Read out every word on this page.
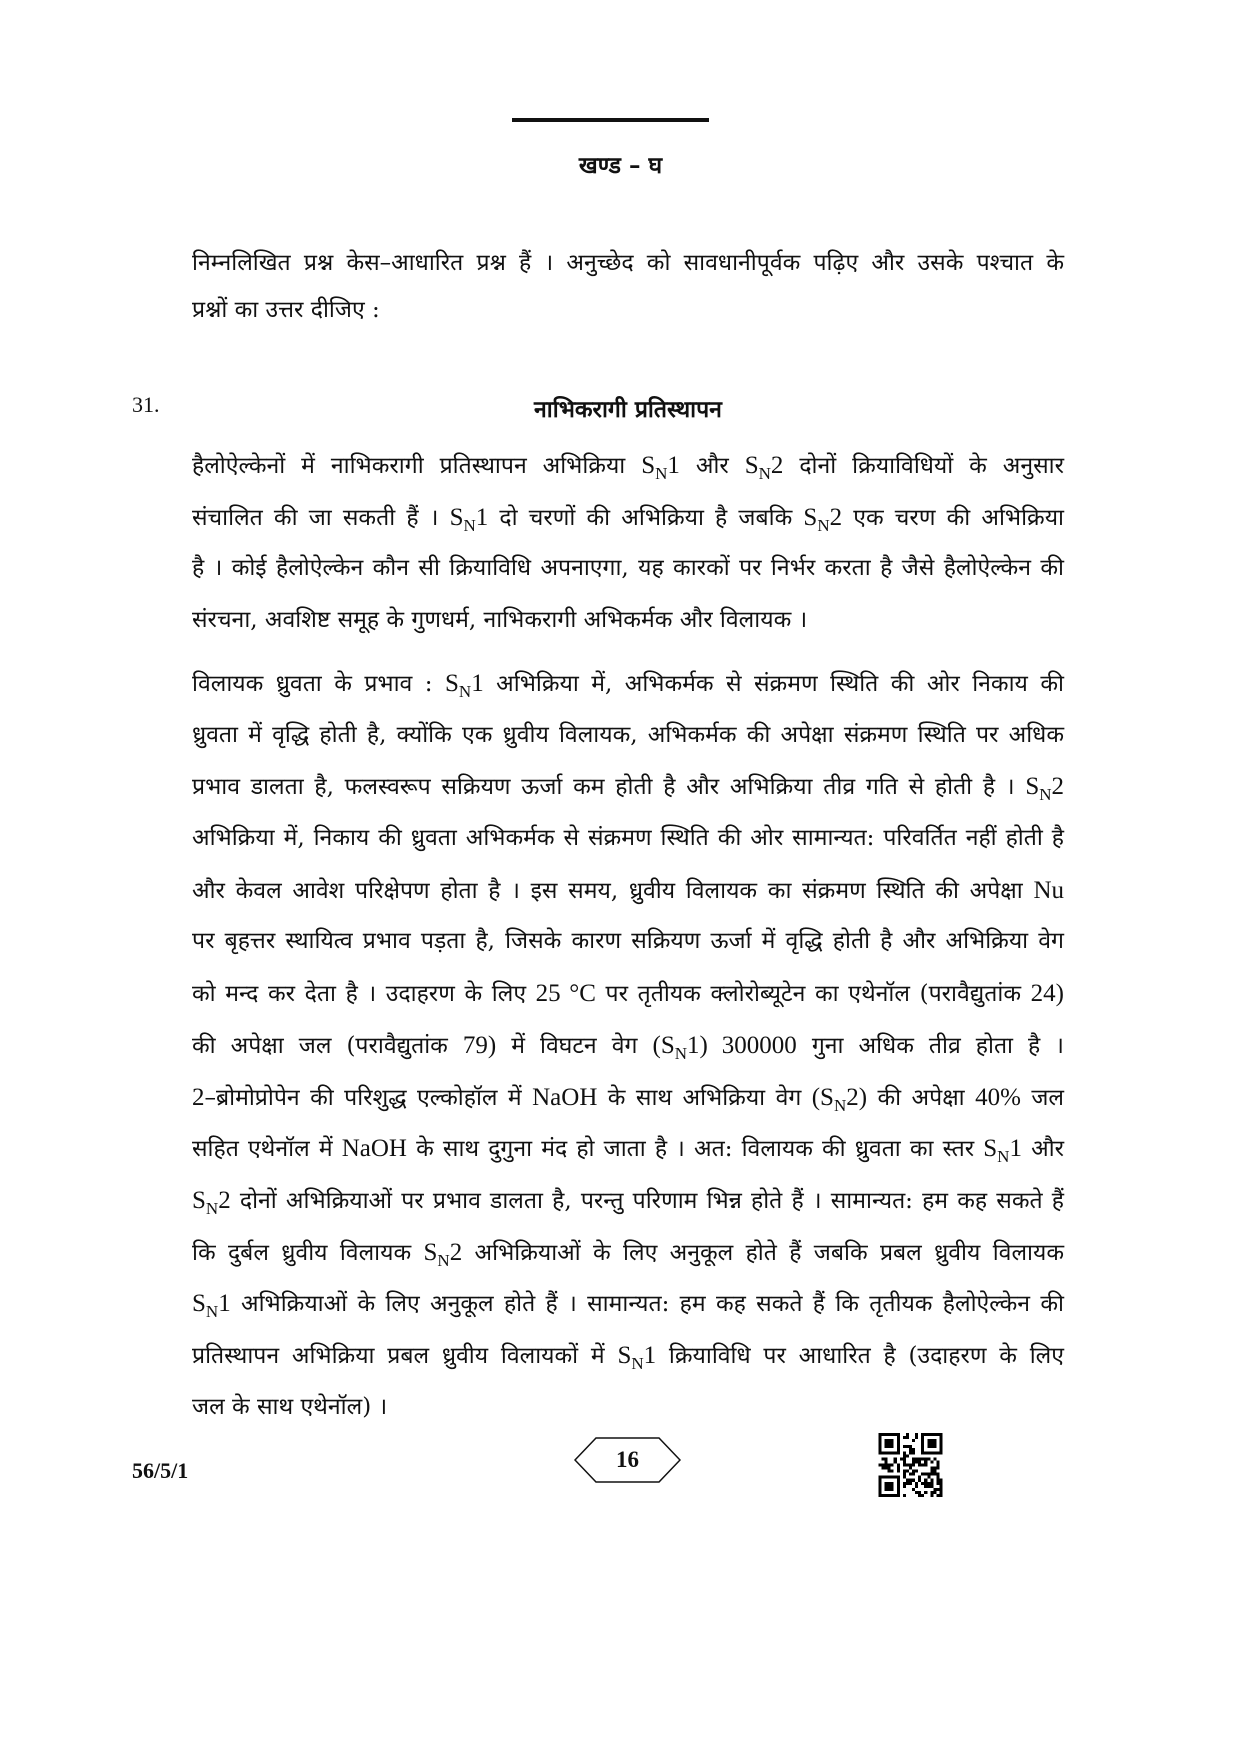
खण्ड – घ
निम्नलिखित प्रश्न केस–आधारित प्रश्न हैं । अनुच्छेद को सावधानीपूर्वक पढ़िए और उसके पश्चात के
प्रश्नों का उत्तर दीजिए :
31.	नाभिकरागी प्रतिस्थापन
हैलोऐल्केनों में नाभिकरागी प्रतिस्थापन अभिक्रिया $S_N1$ और $S_N2$ दोनों क्रियाविधियों के अनुसार
संचालित की जा सकती हैं । $S_N1$ दो चरणों की अभिक्रिया है जबकि $S_N2$ एक चरण की अभिक्रिया
है । कोई हैलोऐल्केन कौन सी क्रियाविधि अपनाएगा, यह कारकों पर निर्भर करता है जैसे हैलोऐल्केन की
संरचना, अवशिष्ट समूह के गुणधर्म, नाभिकरागी अभिकर्मक और विलायक ।
विलायक ध्रुवता के प्रभाव : $S_N1$ अभिक्रिया में, अभिकर्मक से संक्रमण स्थिति की ओर निकाय की
ध्रुवता में वृद्धि होती है, क्योंकि एक ध्रुवीय विलायक, अभिकर्मक की अपेक्षा संक्रमण स्थिति पर अधिक
प्रभाव डालता है, फलस्वरूप सक्रियण ऊर्जा कम होती है और अभिक्रिया तीव्र गति से होती है । $S_N2$
अभिक्रिया में, निकाय की ध्रुवता अभिकर्मक से संक्रमण स्थिति की ओर सामान्यत: परिवर्तित नहीं होती है
और केवल आवेश परिक्षेपण होता है । इस समय, ध्रुवीय विलायक का संक्रमण स्थिति की अपेक्षा Nu
पर बृहत्तर स्थायित्व प्रभाव पड़ता है, जिसके कारण सक्रियण ऊर्जा में वृद्धि होती है और अभिक्रिया वेग
को मन्द कर देता है । उदाहरण के लिए 25 °C पर तृतीयक क्लोरोब्यूटेन का एथेनॉल (परावैद्युतांक 24)
की अपेक्षा जल (परावैद्युतांक 79) में विघटन वेग $(S_N1)$ 300000 गुना अधिक तीव्र होता है ।
2–ब्रोमोप्रोपेन की परिशुद्ध एल्कोहॉल में NaOH के साथ अभिक्रिया वेग $(S_N2)$ की अपेक्षा 40% जल
सहित एथेनॉल में NaOH के साथ दुगुना मंद हो जाता है । अत: विलायक की ध्रुवता का स्तर $S_N1$ और
$S_N2$ दोनों अभिक्रियाओं पर प्रभाव डालता है, परन्तु परिणाम भिन्न होते हैं । सामान्यत: हम कह सकते हैं
कि दुर्बल ध्रुवीय विलायक $S_N2$ अभिक्रियाओं के लिए अनुकूल होते हैं जबकि प्रबल ध्रुवीय विलायक
$S_N1$ अभिक्रियाओं के लिए अनुकूल होते हैं । सामान्यत: हम कह सकते हैं कि तृतीयक हैलोऐल्केन की
प्रतिस्थापन अभिक्रिया प्रबल ध्रुवीय विलायकों में $S_N1$ क्रियाविधि पर आधारित है (उदाहरण के लिए
जल के साथ एथेनॉल) ।
56/5/1	16
